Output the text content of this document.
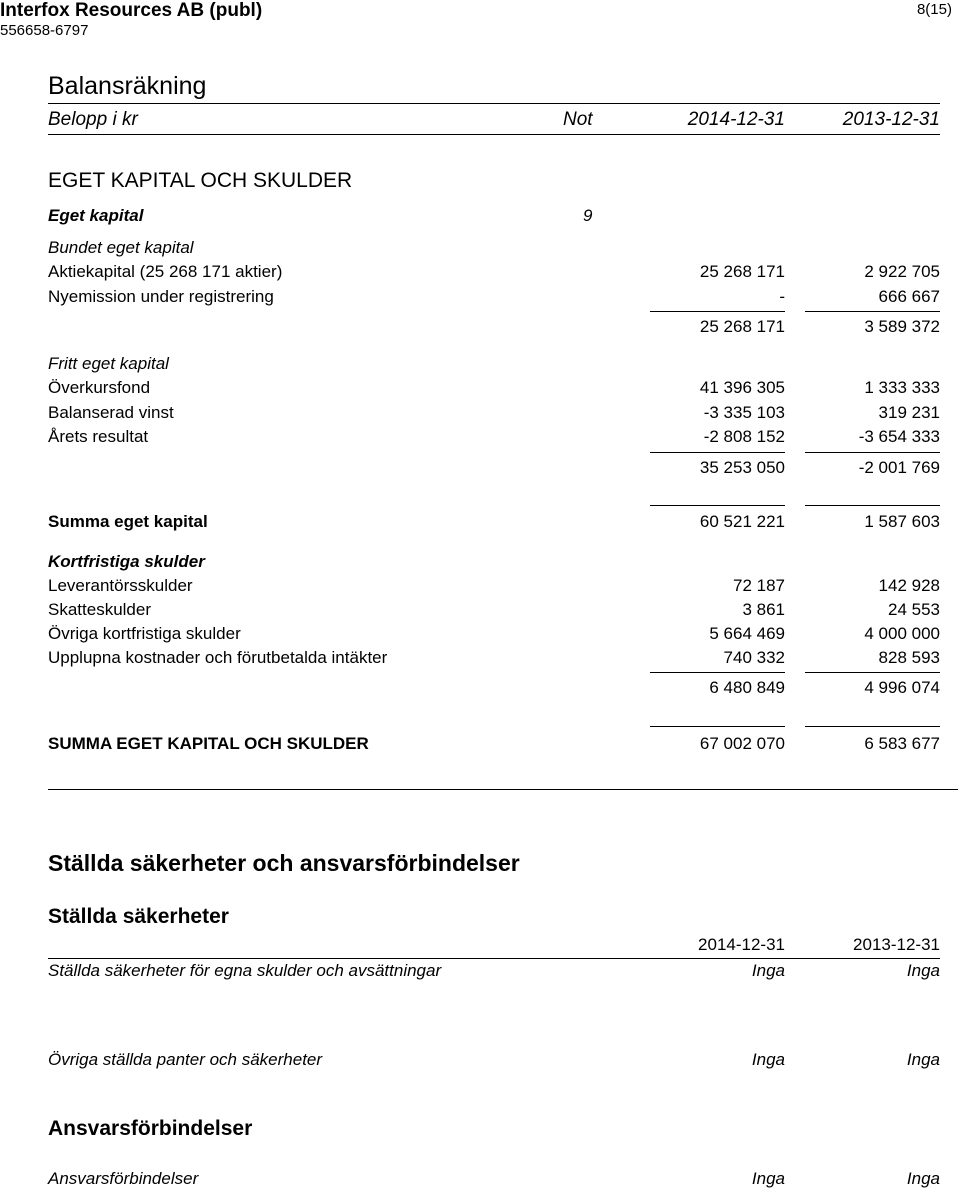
Interfox Resources AB (publ)
556658-6797
8(15)
Balansräkning
Belopp i kr	Not	2014-12-31	2013-12-31
EGET KAPITAL OCH SKULDER
Eget kapital	9
Bundet eget kapital
Aktiekapital (25 268 171 aktier)	25 268 171	2 922 705
Nyemission under registrering	-	666 667
25 268 171	3 589 372
Fritt eget kapital
Överkursfond	41 396 305	1 333 333
Balanserad vinst	-3 335 103	319 231
Årets resultat	-2 808 152	-3 654 333
35 253 050	-2 001 769
Summa eget kapital	60 521 221	1 587 603
Kortfristiga skulder
Leverantörsskulder	72 187	142 928
Skatteskulder	3 861	24 553
Övriga kortfristiga skulder	5 664 469	4 000 000
Upplupna kostnader och förutbetalda intäkter	740 332	828 593
6 480 849	4 996 074
SUMMA EGET KAPITAL OCH SKULDER	67 002 070	6 583 677
Ställda säkerheter och ansvarsförbindelser
Ställda säkerheter
2014-12-31	2013-12-31
Ställda säkerheter för egna skulder och avsättningar	Inga	Inga
Övriga ställda panter och säkerheter	Inga	Inga
Ansvarsförbindelser
Ansvarsförbindelser	Inga	Inga
